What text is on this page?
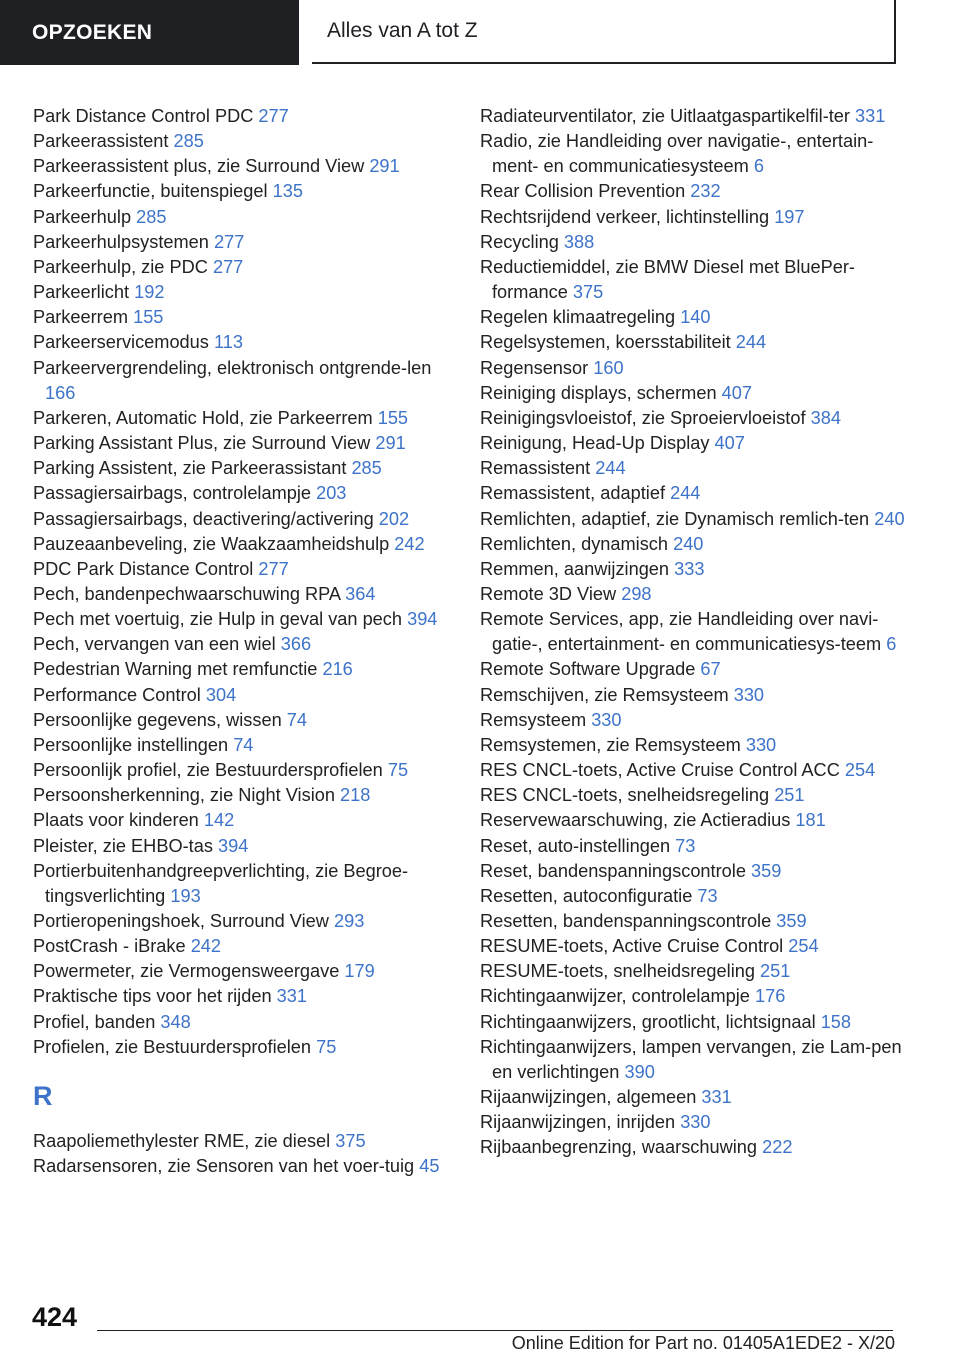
OPZOEKEN	Alles van A tot Z
Park Distance Control PDC 277
Parkeerassistent 285
Parkeerassistent plus, zie Surround View 291
Parkeerfunctie, buitenspiegel 135
Parkeerhulp 285
Parkeerhulpsystemen 277
Parkeerhulp, zie PDC 277
Parkeerlicht 192
Parkeerrem 155
Parkeerservicemodus 113
Parkeervergrendeling, elektronisch ontgrende-len 166
Parkeren, Automatic Hold, zie Parkeerrem 155
Parking Assistant Plus, zie Surround View 291
Parking Assistent, zie Parkeerassistant 285
Passagiersairbags, controlelampje 203
Passagiersairbags, deactivering/activering 202
Pauzeaanbeveling, zie Waakzaamheidshulp 242
PDC Park Distance Control 277
Pech, bandenpechwaarschuwing RPA 364
Pech met voertuig, zie Hulp in geval van pech 394
Pech, vervangen van een wiel 366
Pedestrian Warning met remfunctie 216
Performance Control 304
Persoonlijke gegevens, wissen 74
Persoonlijke instellingen 74
Persoonlijk profiel, zie Bestuurdersprofielen 75
Persoonsherkenning, zie Night Vision 218
Plaats voor kinderen 142
Pleister, zie EHBO-tas 394
Portierbuitenhandgreepverlichting, zie Begroe-tingsverlichting 193
Portieropeningshoek, Surround View 293
PostCrash - iBrake 242
Powermeter, zie Vermogensweergave 179
Praktische tips voor het rijden 331
Profiel, banden 348
Profielen, zie Bestuurdersprofielen 75
R
Raapoliemethylester RME, zie diesel 375
Radarsensoren, zie Sensoren van het voer-tuig 45
Radiateurventilator, zie Uitlaatgaspartikelfil-ter 331
Radio, zie Handleiding over navigatie-, entertain-ment- en communicatiesysteem 6
Rear Collision Prevention 232
Rechtsrijdend verkeer, lichtinstelling 197
Recycling 388
Reductiemiddel, zie BMW Diesel met BluePer-formance 375
Regelen klimaatregeling 140
Regelsystemen, koersstabiliteit 244
Regensensor 160
Reiniging displays, schermen 407
Reinigingsvloeistof, zie Sproeiervloeistof 384
Reinigung, Head-Up Display 407
Remassistent 244
Remassistent, adaptief 244
Remlichten, adaptief, zie Dynamisch remlich-ten 240
Remlichten, dynamisch 240
Remmen, aanwijzingen 333
Remote 3D View 298
Remote Services, app, zie Handleiding over navi-gatie-, entertainment- en communicatiesys-teem 6
Remote Software Upgrade 67
Remschijven, zie Remsysteem 330
Remsysteem 330
Remsystemen, zie Remsysteem 330
RES CNCL-toets, Active Cruise Control ACC 254
RES CNCL-toets, snelheidsregeling 251
Reservewaarschuwing, zie Actieradius 181
Reset, auto-instellingen 73
Reset, bandenspanningscontrole 359
Resetten, autoconfiguratie 73
Resetten, bandenspanningscontrole 359
RESUME-toets, Active Cruise Control 254
RESUME-toets, snelheidsregeling 251
Richtingaanwijzer, controlelampje 176
Richtingaanwijzers, grootlicht, lichtsignaal 158
Richtingaanwijzers, lampen vervangen, zie Lam-pen en verlichtingen 390
Rijaanwijzingen, algemeen 331
Rijaanwijzingen, inrijden 330
Rijbaanbegrenzing, waarschuwing 222
424
Online Edition for Part no. 01405A1EDE2 - X/20
